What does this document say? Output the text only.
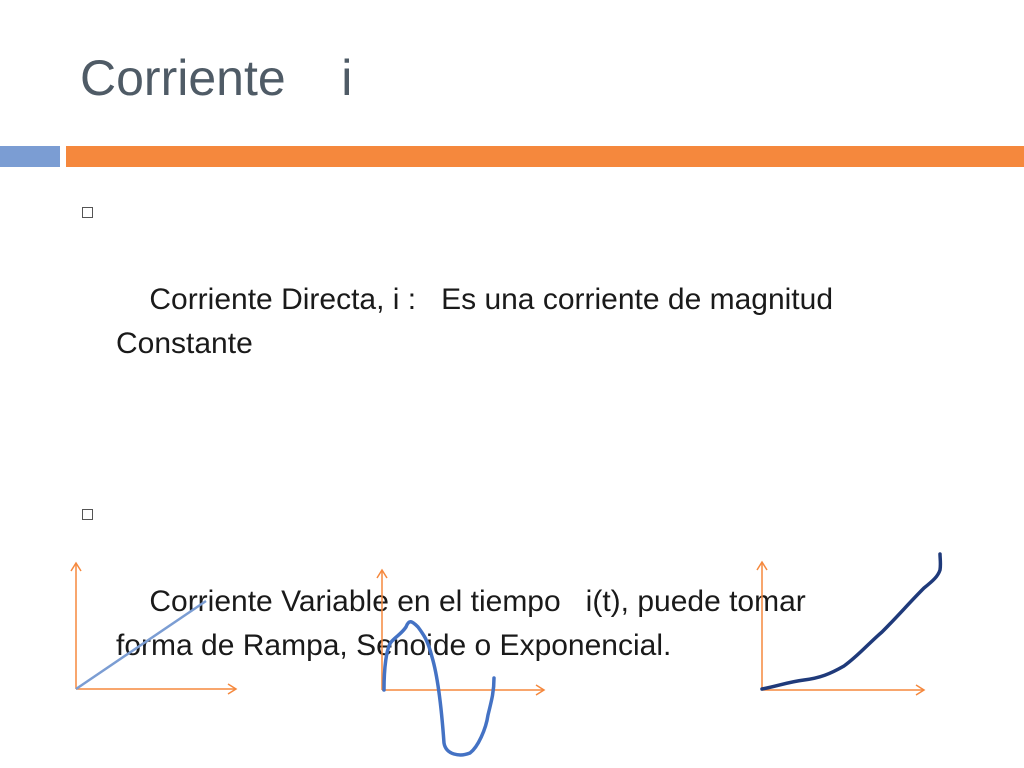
Corriente    i

Corriente Directa, i :   Es una corriente de magnitud
Constante

Corriente Variable en el tiempo   i(t), puede tomar
forma de Rampa, Senoide o Exponencial.
